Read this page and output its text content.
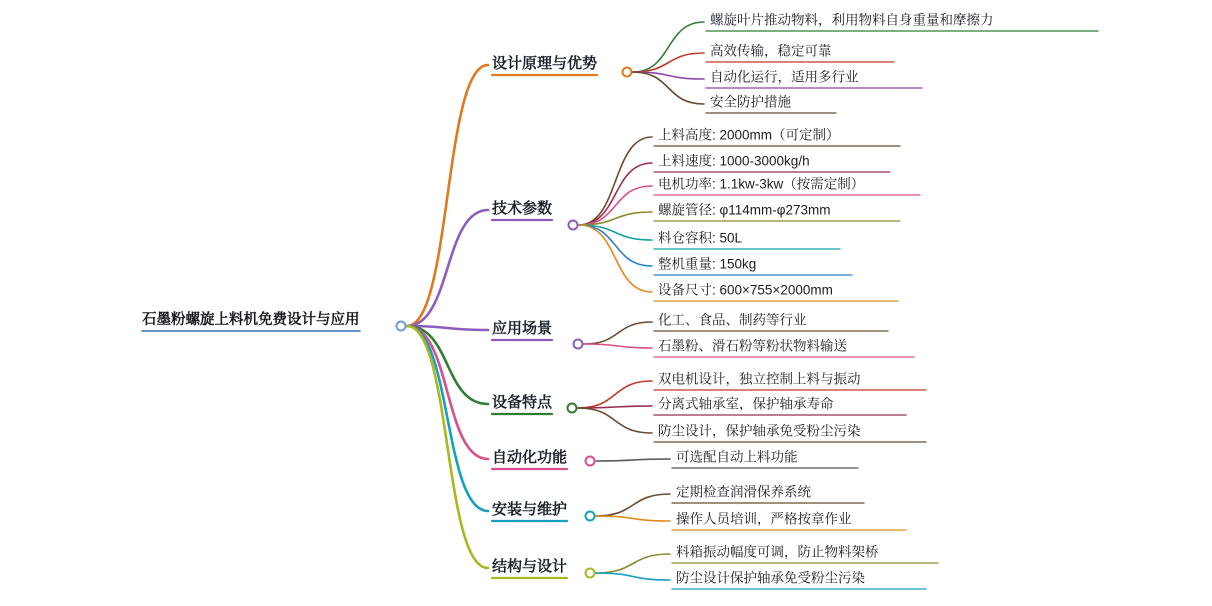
石墨粉螺旋上料机免费设计与应用
设计原理与优势
螺旋叶片推动物料，利用物料自身重量和摩擦力
高效传输，稳定可靠
自动化运行，适用多行业
安全防护措施
技术参数
上料高度: 2000mm（可定制）
上料速度: 1000-3000kg/h
电机功率: 1.1kw-3kw（按需定制）
螺旋管径: φ114mm-φ273mm
料仓容积: 50L
整机重量: 150kg
设备尺寸: 600×755×2000mm
应用场景	化工、食品、制药等行业
石墨粉、滑石粉等粉状物料输送
设备特点
双电机设计，独立控制上料与振动
分离式轴承室，保护轴承寿命
防尘设计，保护轴承免受粉尘污染
自动化功能	可选配自动上料功能
安装与维护
定期检查润滑保养系统
操作人员培训，严格按章作业
结构与设计
料箱振动幅度可调，防止物料架桥
防尘设计保护轴承免受粉尘污染
